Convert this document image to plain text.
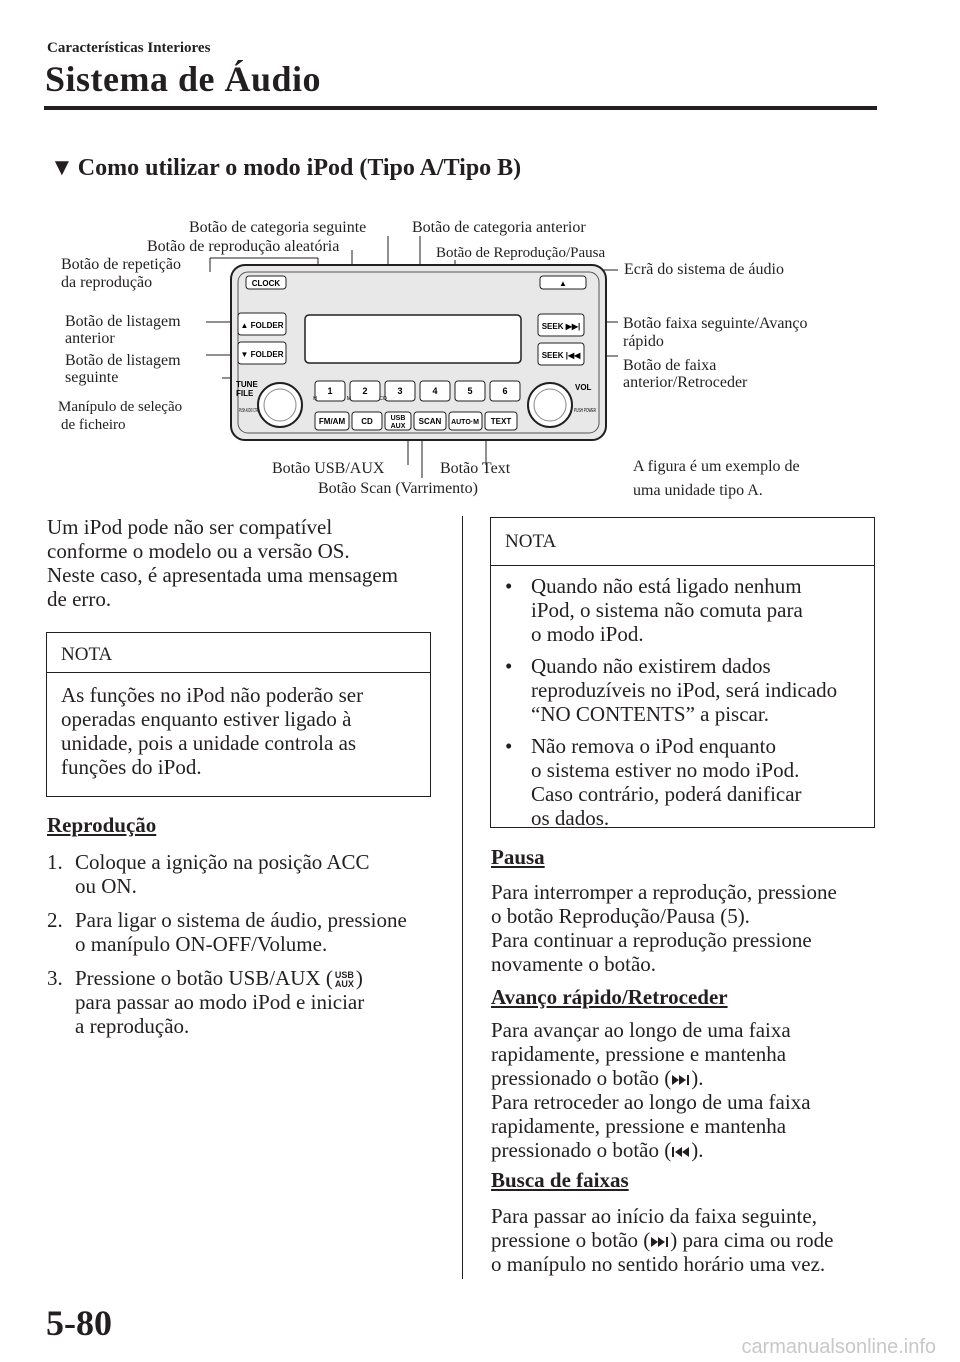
Características Interiores
Sistema de Áudio
▼ Como utilizar o modo iPod (Tipo A/Tipo B)
CLOCK	▲
▲ FOLDER
▼ FOLDER
SEEK ▶▶|
SEEK |◀◀
TUNE
FILE
PUSH AUDIO CTRL
VOL
PUSH POWER
1	2	3	4	5	6
H	M	CO
FM/AM CD	USB
AUX
SCAN AUTO·M TEXT
Botão de categoria seguinte	Botão de categoria anterior
Botão de reprodução aleatória	Botão de Reprodução/Pausa
Botão de repetição
da reprodução
Ecrã do sistema de áudio
Botão de listagem
anterior
Botão faixa seguinte/Avanço
rápido
Botão de listagem
seguinte
Botão de faixa
anterior/Retroceder
Manípulo de seleção
de ficheiro
Botão USB/AUX	Botão Text
Botão Scan (Varrimento)
A figura é um exemplo de
uma unidade tipo A.
Um iPod pode não ser compatível
conforme o modelo ou a versão OS.
Neste caso, é apresentada uma mensagem
de erro.
NOTA
As funções no iPod não poderão ser
operadas enquanto estiver ligado à
unidade, pois a unidade controla as
funções do iPod.
Reprodução
1. Coloque a ignição na posição ACC
ou ON.
2. Para ligar o sistema de áudio, pressione
o manípulo ON-OFF/Volume.
3. Pressione o botão USB/AUX ( USB
AUX)
para passar ao modo iPod e iniciar
a reprodução.
NOTA
• Quando não está ligado nenhum
iPod, o sistema não comuta para
o modo iPod.
• Quando não existirem dados
reproduzíveis no iPod, será indicado
“NO CONTENTS” a piscar.
• Não remova o iPod enquanto
o sistema estiver no modo iPod.
Caso contrário, poderá danificar
os dados.
Pausa
Para interromper a reprodução, pressione
o botão Reprodução/Pausa (5).
Para continuar a reprodução pressione
novamente o botão.
Avanço rápido/Retroceder
Para avançar ao longo de uma faixa
rapidamente, pressione e mantenha
pressionado o botão ( ).
Para retroceder ao longo de uma faixa
rapidamente, pressione e mantenha
pressionado o botão ( ).
Busca de faixas
Para passar ao início da faixa seguinte,
pressione o botão ( ) para cima ou rode
o manípulo no sentido horário uma vez.
5-80
carmanualsonline.info
